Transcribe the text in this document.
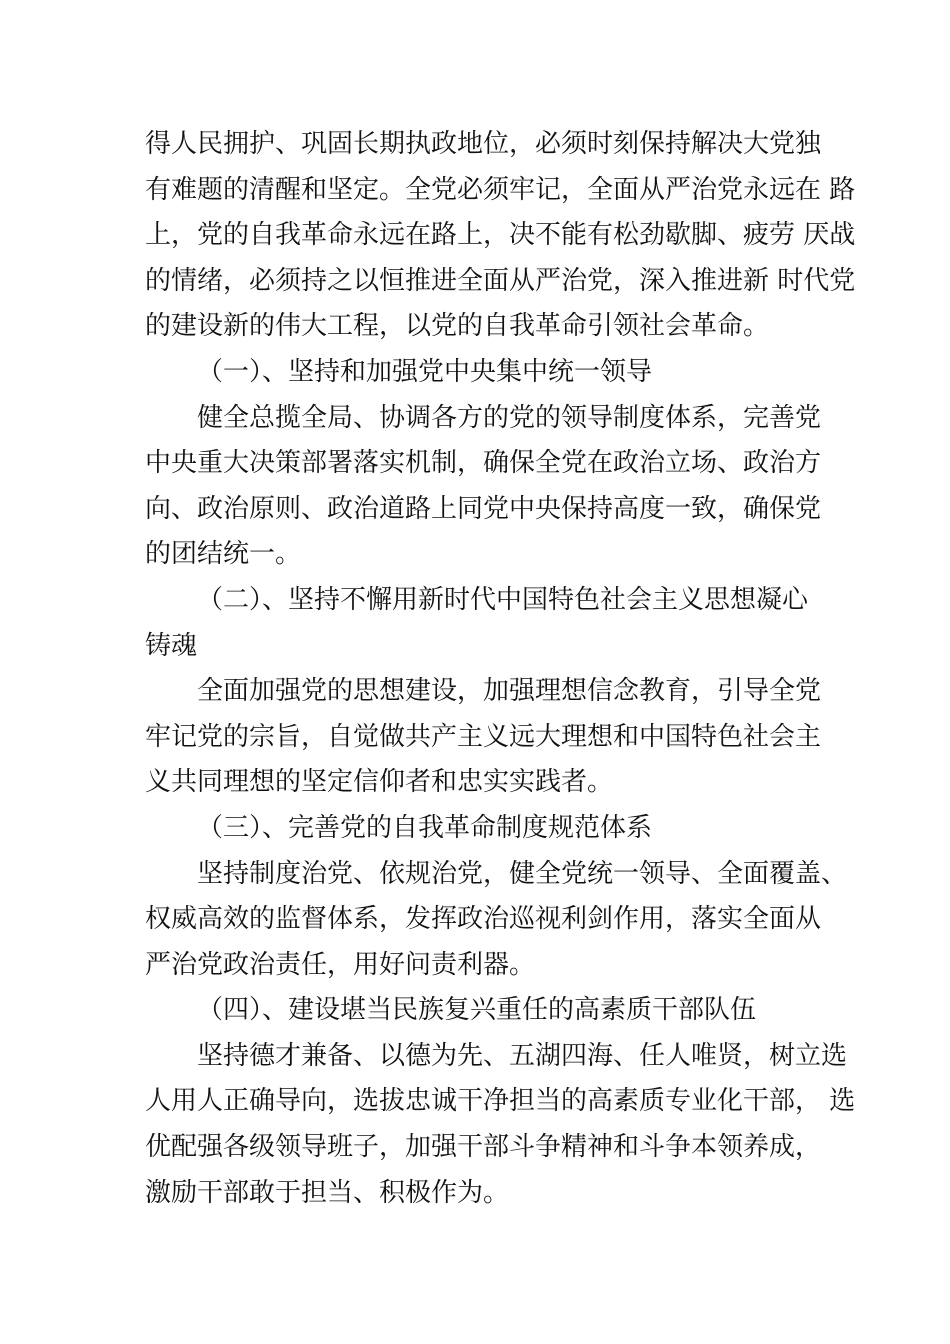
得人民拥护、巩固长期执政地位，必须时刻保持解决大党独
有难题的清醒和坚定。全党必须牢记，全面从严治党永远在 路
上，党的自我革命永远在路上，决不能有松劲歇脚、疲劳 厌战
的情绪，必须持之以恒推进全面从严治党，深入推进新 时代党
的建设新的伟大工程，以党的自我革命引领社会革命。
（一）、坚持和加强党中央集中统一领导
健全总揽全局、协调各方的党的领导制度体系，完善党
中央重大决策部署落实机制，确保全党在政治立场、政治方
向、政治原则、政治道路上同党中央保持高度一致，确保党
的团结统一。
（二）、坚持不懈用新时代中国特色社会主义思想凝心
铸魂
全面加强党的思想建设，加强理想信念教育，引导全党
牢记党的宗旨，自觉做共产主义远大理想和中国特色社会主
义共同理想的坚定信仰者和忠实实践者。
（三）、完善党的自我革命制度规范体系
坚持制度治党、依规治党，健全党统一领导、全面覆盖、
权威高效的监督体系，发挥政治巡视利剑作用，落实全面从
严治党政治责任，用好问责利器。
（四）、建设堪当民族复兴重任的高素质干部队伍
坚持德才兼备、以德为先、五湖四海、任人唯贤，树立选
人用人正确导向，选拔忠诚干净担当的高素质专业化干部， 选
优配强各级领导班子，加强干部斗争精神和斗争本领养成，
激励干部敢于担当、积极作为。
